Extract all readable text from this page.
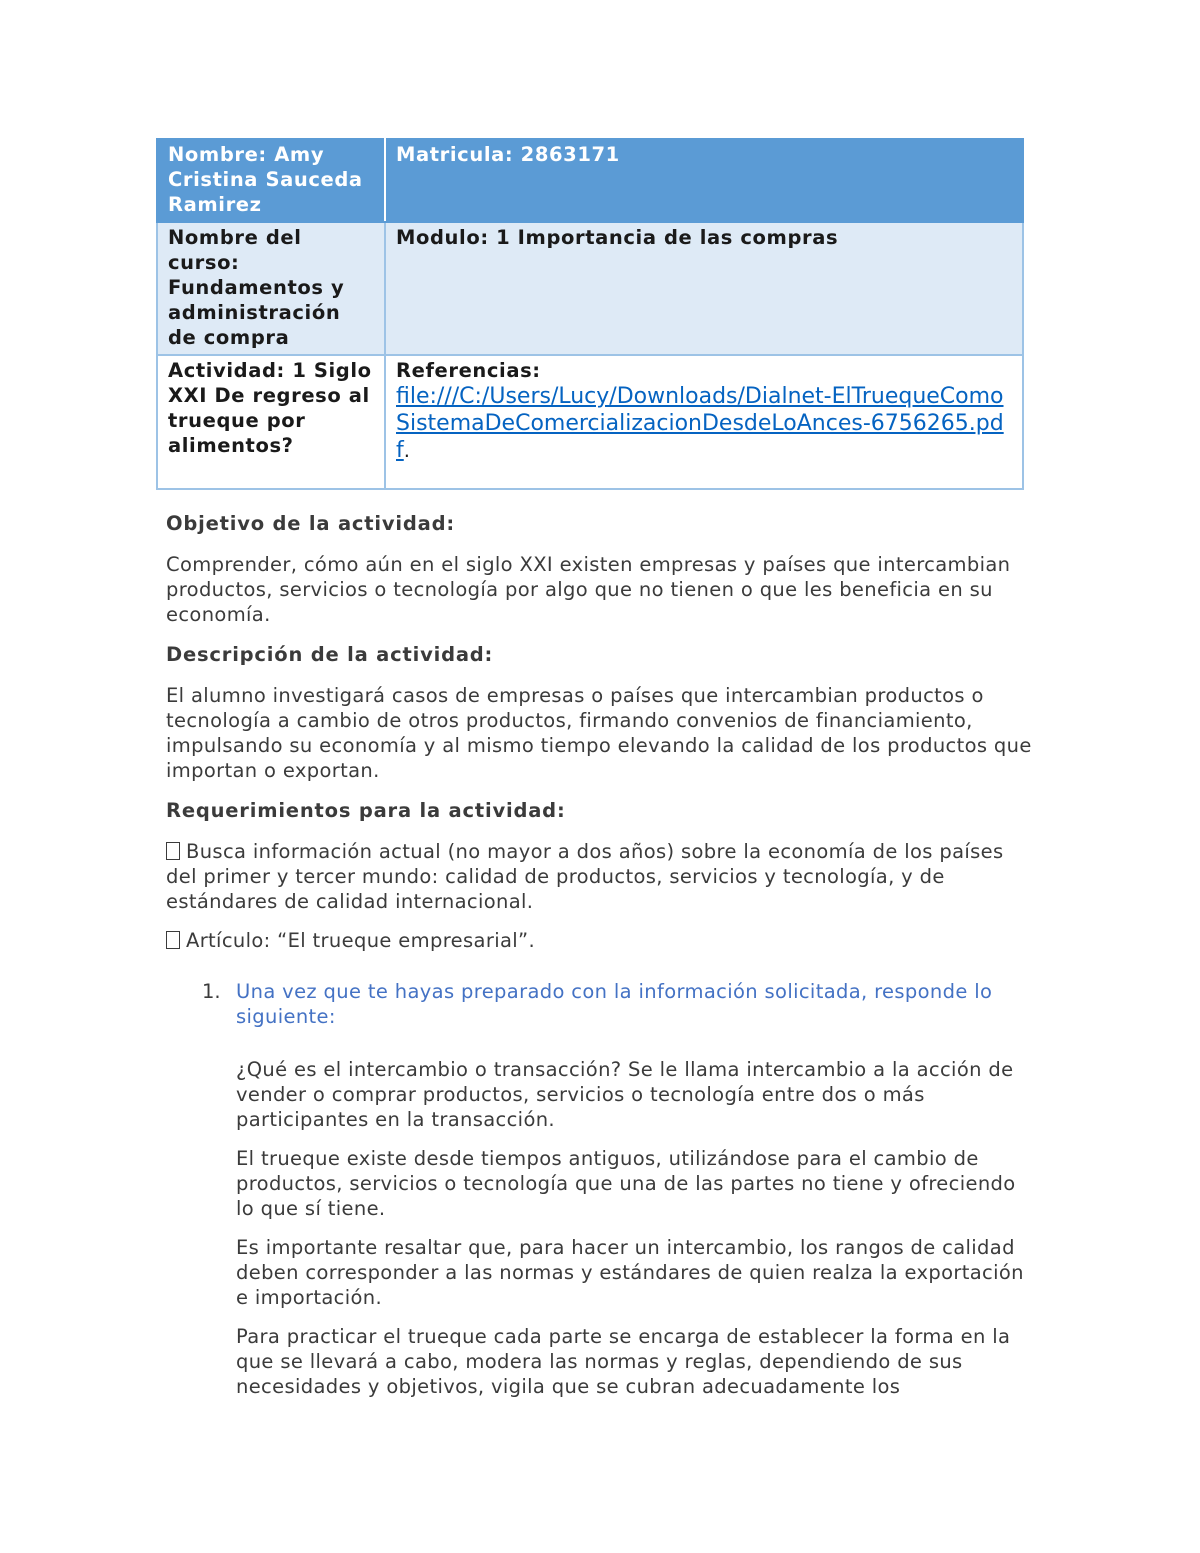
Nombre: Amy Cristina Sauceda Ramirez	Matricula: 2863171
Nombre del curso: Fundamentos y administración de compra	Modulo: 1 Importancia de las compras
Actividad: 1 Siglo XXI De regreso al trueque por alimentos?	Referencias:
file:///C:/Users/Lucy/Downloads/Dialnet-ElTruequeComoSistemaDeComercializacionDesdeLoAnces-6756265.pdf.
Objetivo de la actividad:
Comprender, cómo aún en el siglo XXI existen empresas y países que intercambian productos, servicios o tecnología por algo que no tienen o que les beneficia en su economía.
Descripción de la actividad:
El alumno investigará casos de empresas o países que intercambian productos o tecnología a cambio de otros productos, firmando convenios de financiamiento, impulsando su economía y al mismo tiempo elevando la calidad de los productos que importan o exportan.
Requerimientos para la actividad:
Busca información actual (no mayor a dos años) sobre la economía de los países del primer y tercer mundo: calidad de productos, servicios y tecnología, y de estándares de calidad internacional.
Artículo: “El trueque empresarial”.
1. Una vez que te hayas preparado con la información solicitada, responde lo siguiente:
¿Qué es el intercambio o transacción? Se le llama intercambio a la acción de vender o comprar productos, servicios o tecnología entre dos o más participantes en la transacción.
El trueque existe desde tiempos antiguos, utilizándose para el cambio de productos, servicios o tecnología que una de las partes no tiene y ofreciendo lo que sí tiene.
Es importante resaltar que, para hacer un intercambio, los rangos de calidad deben corresponder a las normas y estándares de quien realza la exportación e importación.
Para practicar el trueque cada parte se encarga de establecer la forma en la que se llevará a cabo, modera las normas y reglas, dependiendo de sus necesidades y objetivos, vigila que se cubran adecuadamente los
